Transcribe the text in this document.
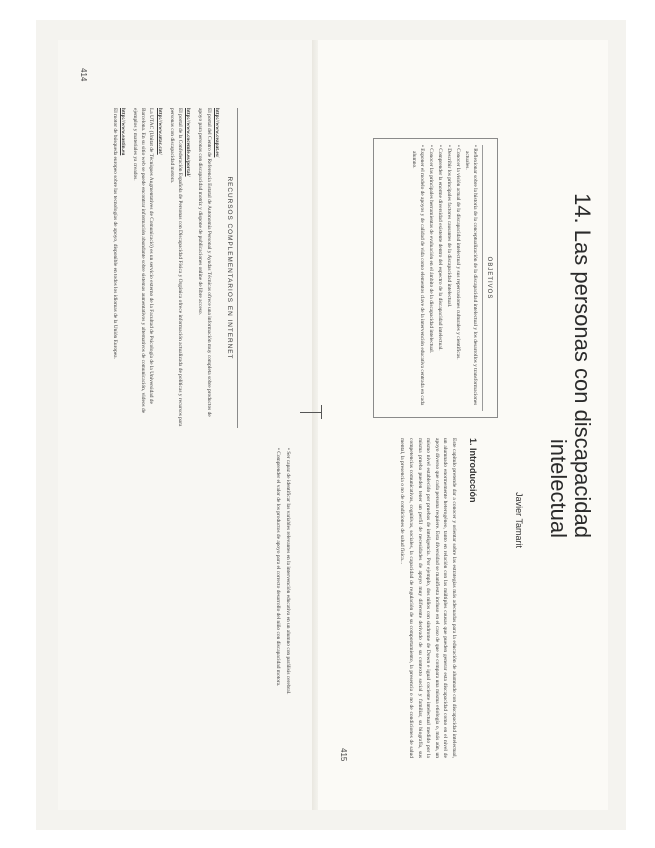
14. Las personas con discapacidad intelectual
Javier Tamarit
OBJETIVOS
• Reflexionar sobre la historia de la conceptualización de la discapacidad intelectual y los desarrollos y transformaciones actuales.
• Conocer la visión actual de la discapacidad intelectual y sus repercusiones culturales y científicas.
• Describir los principales factores causantes de la discapacidad intelectual.
• Comprender la enorme diversidad existente dentro del espectro de la discapacidad intelectual.
• Conocer las principales herramientas de evaluación en el ámbito de la discapacidad intelectual.
• Exponer el modelo de apoyos y de calidad de vida como elementos clave de la intervención educativa centrada en cada alumno.
1. Introducción
Este capítulo pretende dar a conocer y orientar sobre las estrategias más adecuadas para la educación de alumnado con discapacidad intelectual, un alumnado enormemente heterogéneo, tanto en relación con las múltiples causas que pueden generar esta discapacidad como en el nivel de apoyo diverso que cada persona requiere. Esta diversidad se manifiesta incluso en el caso de que se compara una misma etiología o, más aún, un mismo nivel establecido por pruebas de inteligencia. Por ejemplo, dos niños con síndrome de Down e igual cociente intelectual medido por la misma prueba pueden tener un perfil de necesidades de apoyo muy diferente derivado de su contexto social y familiar, su biografía, sus competencias comunicativas, cognitivas, sociales, la capacidad de regulación de su comportamiento, la presencia o no de condiciones de salud mental, la presencia o no de condiciones de salud física...
415
• Ser capaz de identificar las variables relevantes en la intervención educativa en un alumno con parálisis cerebral.
• Comprender el valor de los productos de apoyo para el correcto desarrollo del niño con discapacidad motora.
RECURSOS COMPLEMENTARIOS EN INTERNET
http://www.ceapat.es/
El portal del Centro de Referencia Estatal de Autonomía Personal y Ayudas Técnicas ofrece una información muy completa sobre productos de apoyo para personas con discapacidad motriz y dispone de publicaciones online de libre acceso.
http://www.cocemfe.es/portal/
El portal de la Confederación Española de Personas con Discapacidad Física y Orgánica ofrece información actualizada de políticas y recursos para personas con discapacidad motora.
http://www.utac.cat/
La UTAC (Unitat de Tècniques Augmentatives de Comunicació) es un servicio externo de la Facultad de Psicología de la Universidad de Barcelona. En su sitio web se puede encontrar información abundante sobre sistemas aumentativos y alternativos de comunicación, videos de ejemplos y materiales ya creados.
http://www.eastin.eu
El motor de búsqueda europeo sobre las tecnologías de apoyo, disponible en todos los idiomas de la Unión Europea.
414
